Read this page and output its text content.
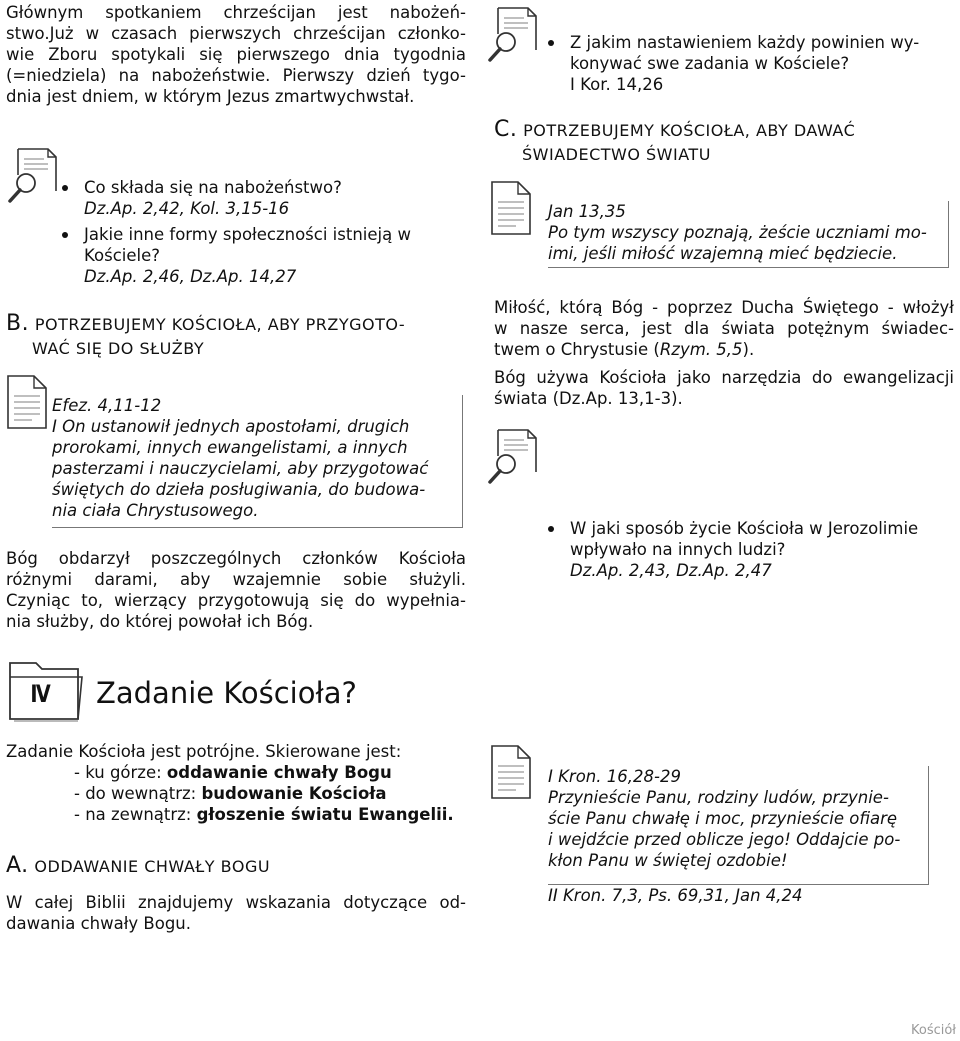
Głównym spotkaniem chrześcijan jest nabożeń-
stwo.Już w czasach pierwszych chrześcijan członko-
wie Zboru spotykali się pierwszego dnia tygodnia
(=niedziela) na nabożeństwie. Pierwszy dzień tygo-
dnia jest dniem, w którym Jezus zmartwychwstał.
Co składa się na nabożeństwo?
Dz.Ap. 2,42, Kol. 3,15-16
Jakie inne formy społeczności istnieją w Kościele?
Dz.Ap. 2,46, Dz.Ap. 14,27
B. POTRZEBUJEMY KOŚCIOŁA, ABY PRZYGOTO-
WAĆ SIĘ DO SŁUŻBY
Efez. 4,11-12
I On ustanowił jednych apostołami, drugich
prorokami, innych ewangelistami, a innych
pasterzami i nauczycielami, aby przygotować
świętych do dzieła posługiwania, do budowa-
nia ciała Chrystusowego.
Bóg obdarzył poszczególnych członków Kościoła
różnymi darami, aby wzajemnie sobie służyli.
Czyniąc to, wierzący przygotowują się do wypełnia-
nia służby, do której powołał ich Bóg.
Z jakim nastawieniem każdy powinien wy-
konywać swe zadania w Kościele?
I Kor. 14,26
C. POTRZEBUJEMY KOŚCIOŁA, ABY DAWAĆ
ŚWIADECTWO ŚWIATU
Jan 13,35
Po tym wszyscy poznają, żeście uczniami mo-
imi, jeśli miłość wzajemną mieć będziecie.
Miłość, którą Bóg - poprzez Ducha Świętego - włożył
w nasze serca, jest dla świata potężnym świadec-
twem o Chrystusie (Rzym. 5,5).
Bóg używa Kościoła jako narzędzia do ewangelizacji
świata (Dz.Ap. 13,1-3).
W jaki sposób życie Kościoła w Jerozolimie
wpływało na innych ludzi?
Dz.Ap. 2,43, Dz.Ap. 2,47
IV Zadanie Kościoła?
Zadanie Kościoła jest potrójne. Skierowane jest:
- ku górze: oddawanie chwały Bogu
- do wewnątrz: budowanie Kościoła
- na zewnątrz: głoszenie światu Ewangelii.
A. ODDAWANIE CHWAŁY BOGU
W całej Biblii znajdujemy wskazania dotyczące od-
dawania chwały Bogu.
I Kron. 16,28-29
Przynieście Panu, rodziny ludów, przynie-
ście Panu chwałę i moc, przynieście ofiarę
i wejdźcie przed oblicze jego! Oddajcie po-
kłon Panu w świętej ozdobie!
II Kron. 7,3, Ps. 69,31, Jan 4,24
Kościół
